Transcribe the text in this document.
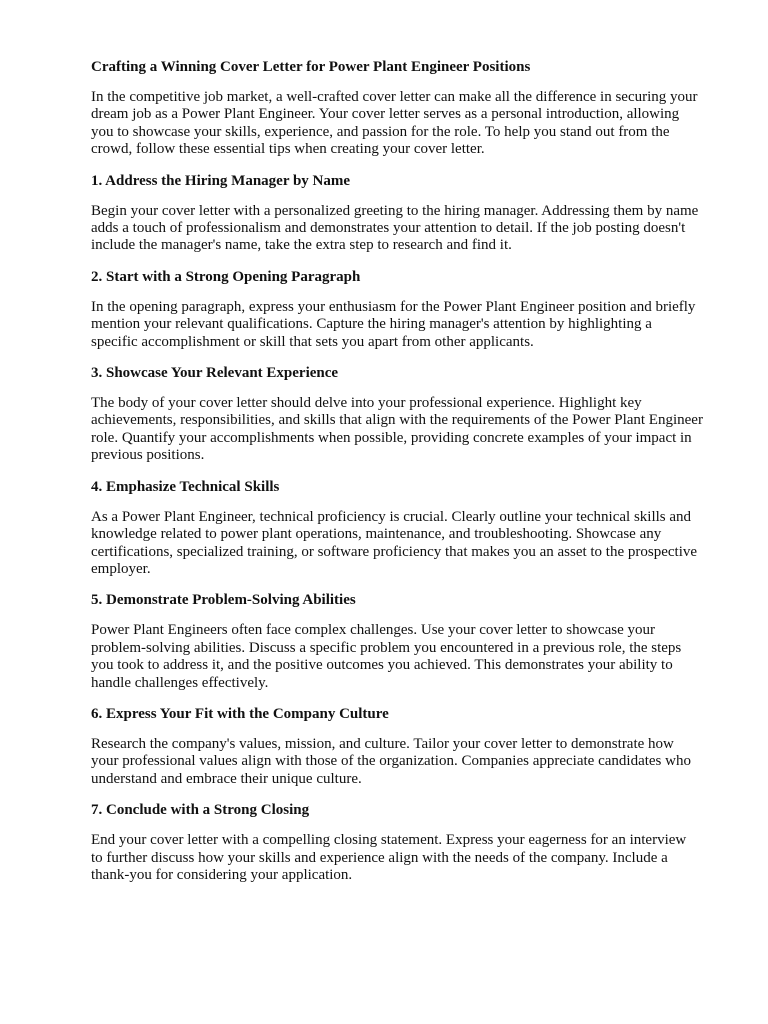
Crafting a Winning Cover Letter for Power Plant Engineer Positions

In the competitive job market, a well-crafted cover letter can make all the difference in securing your
dream job as a Power Plant Engineer. Your cover letter serves as a personal introduction, allowing
you to showcase your skills, experience, and passion for the role. To help you stand out from the
crowd, follow these essential tips when creating your cover letter.

1. Address the Hiring Manager by Name

Begin your cover letter with a personalized greeting to the hiring manager. Addressing them by name
adds a touch of professionalism and demonstrates your attention to detail. If the job posting doesn't
include the manager's name, take the extra step to research and find it.

2. Start with a Strong Opening Paragraph

In the opening paragraph, express your enthusiasm for the Power Plant Engineer position and briefly
mention your relevant qualifications. Capture the hiring manager's attention by highlighting a
specific accomplishment or skill that sets you apart from other applicants.

3. Showcase Your Relevant Experience

The body of your cover letter should delve into your professional experience. Highlight key
achievements, responsibilities, and skills that align with the requirements of the Power Plant Engineer
role. Quantify your accomplishments when possible, providing concrete examples of your impact in
previous positions.

4. Emphasize Technical Skills

As a Power Plant Engineer, technical proficiency is crucial. Clearly outline your technical skills and
knowledge related to power plant operations, maintenance, and troubleshooting. Showcase any
certifications, specialized training, or software proficiency that makes you an asset to the prospective
employer.

5. Demonstrate Problem-Solving Abilities

Power Plant Engineers often face complex challenges. Use your cover letter to showcase your
problem-solving abilities. Discuss a specific problem you encountered in a previous role, the steps
you took to address it, and the positive outcomes you achieved. This demonstrates your ability to
handle challenges effectively.

6. Express Your Fit with the Company Culture

Research the company's values, mission, and culture. Tailor your cover letter to demonstrate how
your professional values align with those of the organization. Companies appreciate candidates who
understand and embrace their unique culture.

7. Conclude with a Strong Closing

End your cover letter with a compelling closing statement. Express your eagerness for an interview
to further discuss how your skills and experience align with the needs of the company. Include a
thank-you for considering your application.
